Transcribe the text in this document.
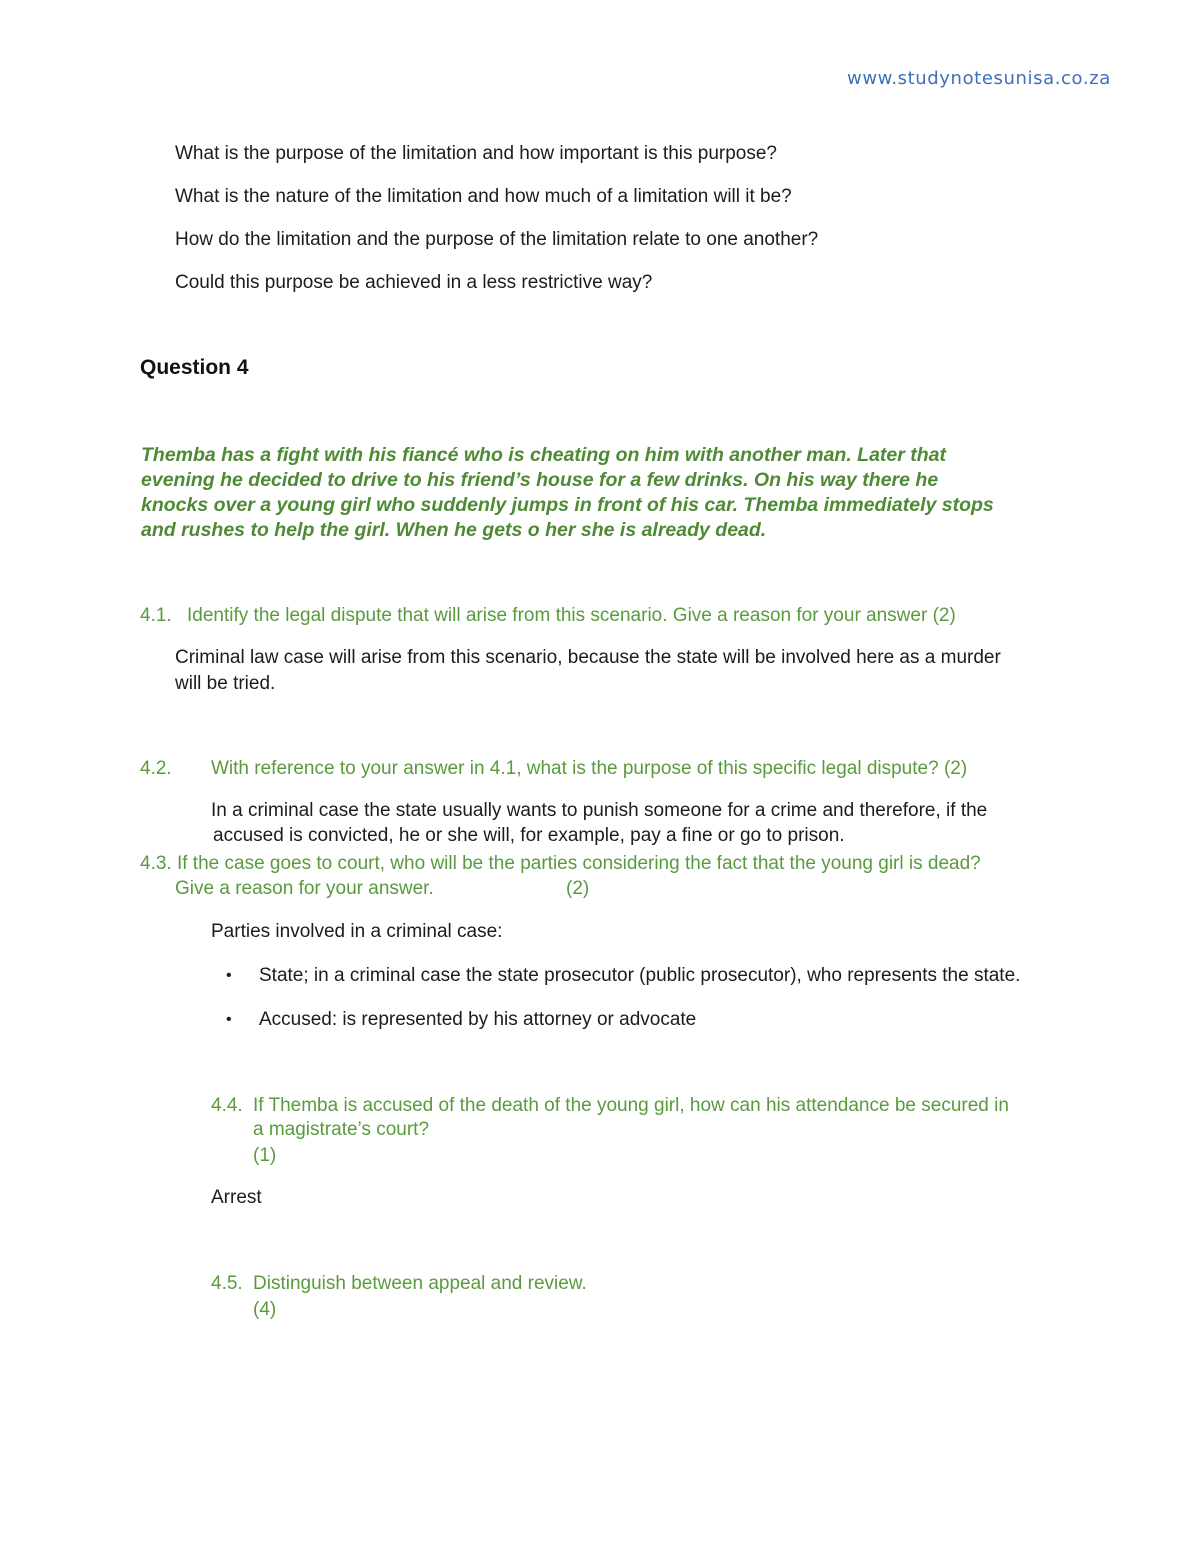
www.studynotesunisa.co.za
What is the purpose of the limitation and how important is this purpose?
What is the nature of the limitation and how much of a limitation will it be?
How do the limitation and the purpose of the limitation relate to one another?
Could this purpose be achieved in a less restrictive way?
Question 4
Themba has a fight with his fiancé who is cheating on him with another man. Later that
evening he decided to drive to his friend’s house for a few drinks. On his way there he
knocks over a young girl who suddenly jumps in front of his car. Themba immediately stops
and rushes to help the girl. When he gets o her she is already dead.
4.1. Identify the legal dispute that will arise from this scenario. Give a reason for your answer (2)
Criminal law case will arise from this scenario, because the state will be involved here as a murder
will be tried.
4.2. With reference to your answer in 4.1, what is the purpose of this specific legal dispute? (2)
In a criminal case the state usually wants to punish someone for a crime and therefore, if the
accused is convicted, he or she will, for example, pay a fine or go to prison.
4.3. If the case goes to court, who will be the parties considering the fact that the young girl is dead?
Give a reason for your answer.	(2)
Parties involved in a criminal case:
• State; in a criminal case the state prosecutor (public prosecutor), who represents the state.
• Accused: is represented by his attorney or advocate
4.4. If Themba is accused of the death of the young girl, how can his attendance be secured in
a magistrate’s court?
(1)
Arrest
4.5. Distinguish between appeal and review.
(4)
